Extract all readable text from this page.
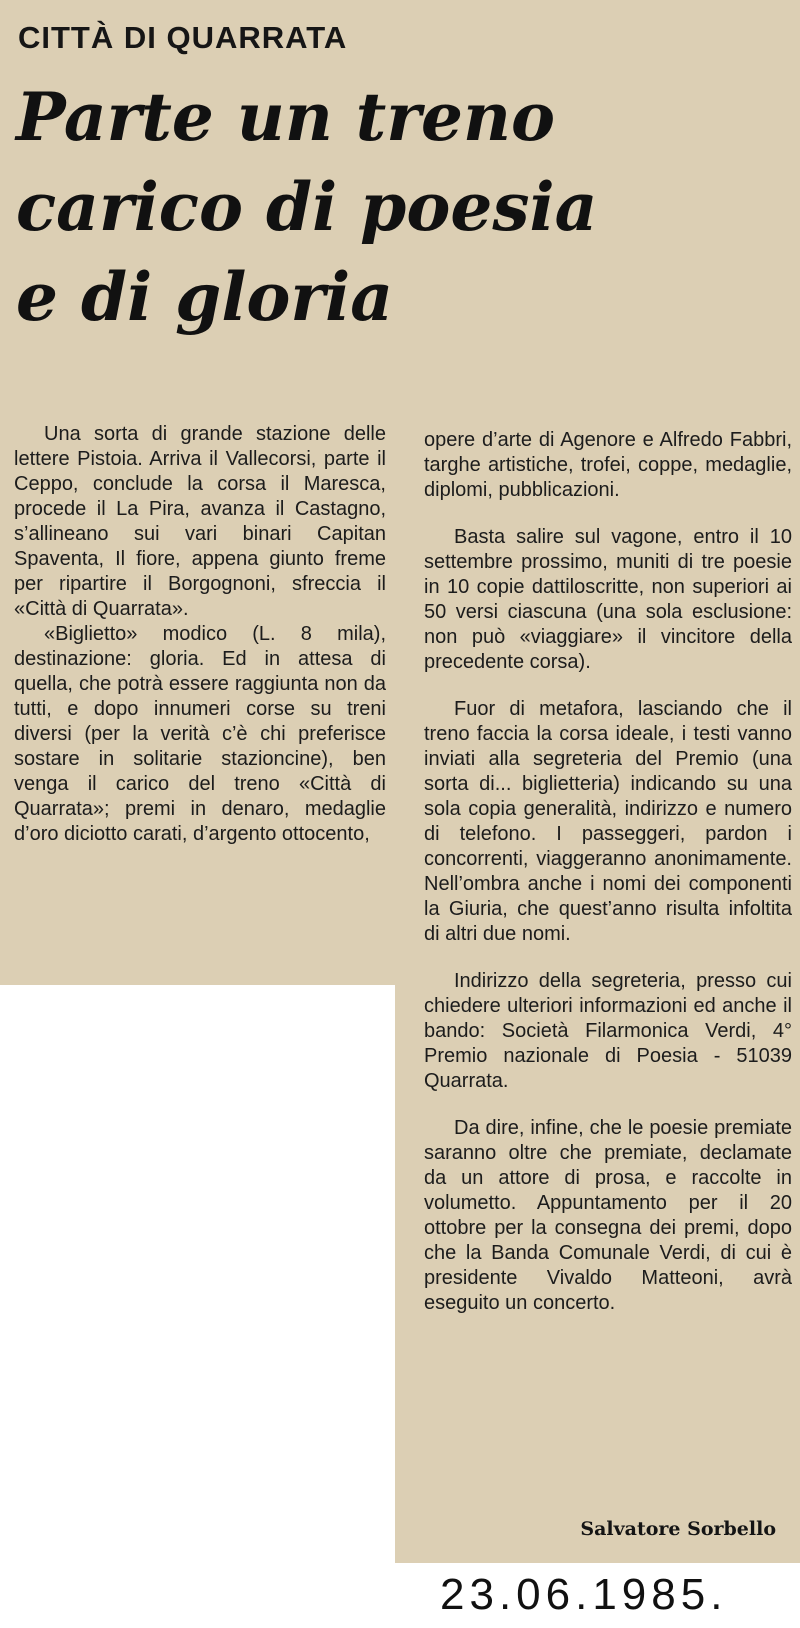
CITTÀ DI QUARRATA
Parte un treno
carico di poesia
e di gloria

Una sorta di grande stazione delle lettere Pistoia. Arriva il Vallecorsi, parte il Ceppo, conclude la corsa il Maresca, procede il La Pira, avanza il Castagno, s’allineano sui vari binari Capitan Spaventa, Il fiore, appena giunto freme per ripartire il Borgognoni, sfreccia il «Città di Quarrata».

«Biglietto» modico (L. 8 mila), destinazione: gloria. Ed in attesa di quella, che potrà essere raggiunta non da tutti, e dopo innumeri corse su treni diversi (per la verità c’è chi preferisce sostare in solitarie stazioncine), ben venga il carico del treno «Città di Quarrata»; premi in denaro, medaglie d’oro diciotto carati, d’argento ottocento,

opere d’arte di Agenore e Alfredo Fabbri, targhe artistiche, trofei, coppe, medaglie, diplomi, pubblicazioni.

Basta salire sul vagone, entro il 10 settembre prossimo, muniti di tre poesie in 10 copie dattiloscritte, non superiori ai 50 versi ciascuna (una sola esclusione: non può «viaggiare» il vincitore della precedente corsa).

Fuor di metafora, lasciando che il treno faccia la corsa ideale, i testi vanno inviati alla segreteria del Premio (una sorta di... biglietteria) indicando su una sola copia generalità, indirizzo e numero di telefono. I passeggeri, pardon i concorrenti, viaggeranno anonimamente. Nell’ombra anche i nomi dei componenti la Giuria, che quest’anno risulta infoltita di altri due nomi.

Indirizzo della segreteria, presso cui chiedere ulteriori informazioni ed anche il bando: Società Filarmonica Verdi, 4° Premio nazionale di Poesia - 51039 Quarrata.

Da dire, infine, che le poesie premiate saranno oltre che premiate, declamate da un attore di prosa, e raccolte in volumetto. Appuntamento per il 20 ottobre per la consegna dei premi, dopo che la Banda Comunale Verdi, di cui è presidente Vivaldo Matteoni, avrà eseguito un concerto.

Salvatore Sorbello

23.06.1985.
